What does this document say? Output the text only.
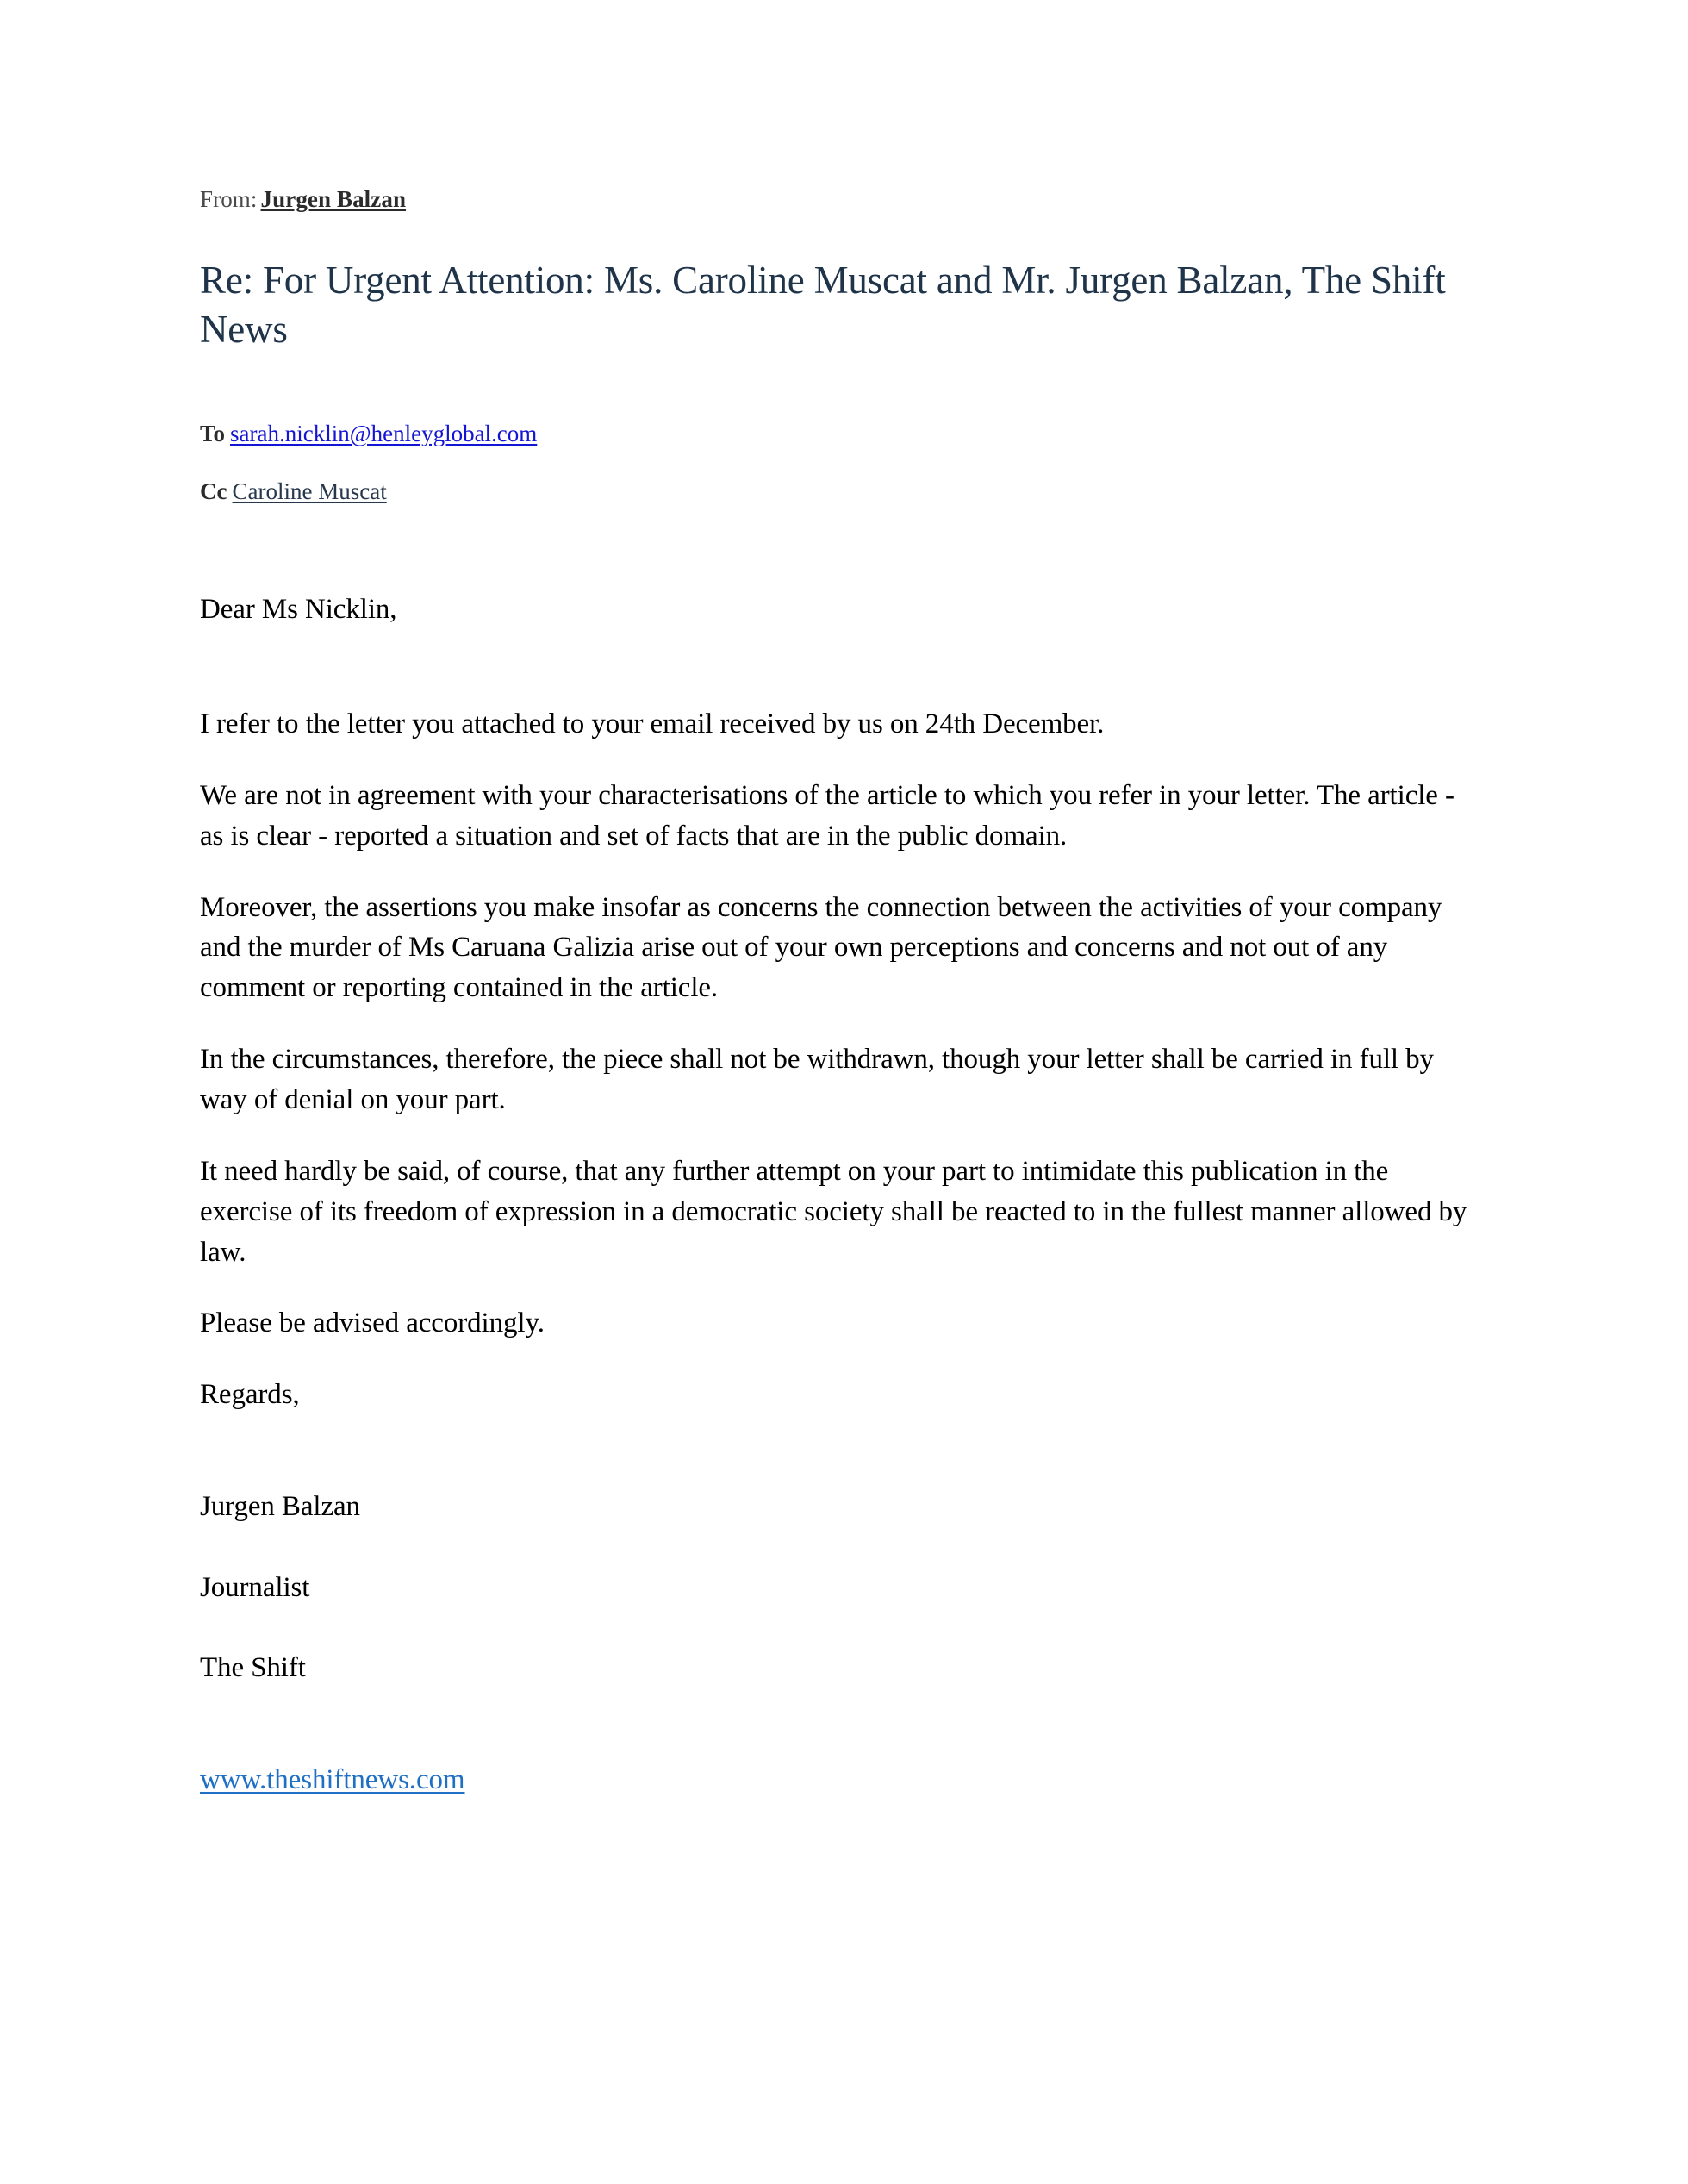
From: Jurgen Balzan

Re: For Urgent Attention: Ms. Caroline Muscat and Mr. Jurgen Balzan, The Shift News

To sarah.nicklin@henleyglobal.com

Cc Caroline Muscat

Dear Ms Nicklin,

I refer to the letter you attached to your email received by us on 24th December.

We are not in agreement with your characterisations of the article to which you refer in your letter. The article - as is clear - reported a situation and set of facts that are in the public domain.

Moreover, the assertions you make insofar as concerns the connection between the activities of your company and the murder of Ms Caruana Galizia arise out of your own perceptions and concerns and not out of any comment or reporting contained in the article.

In the circumstances, therefore, the piece shall not be withdrawn, though your letter shall be carried in full by way of denial on your part.

It need hardly be said, of course, that any further attempt on your part to intimidate this publication in the exercise of its freedom of expression in a democratic society shall be reacted to in the fullest manner allowed by law.

Please be advised accordingly.

Regards,

Jurgen Balzan

Journalist

The Shift

www.theshiftnews.com
